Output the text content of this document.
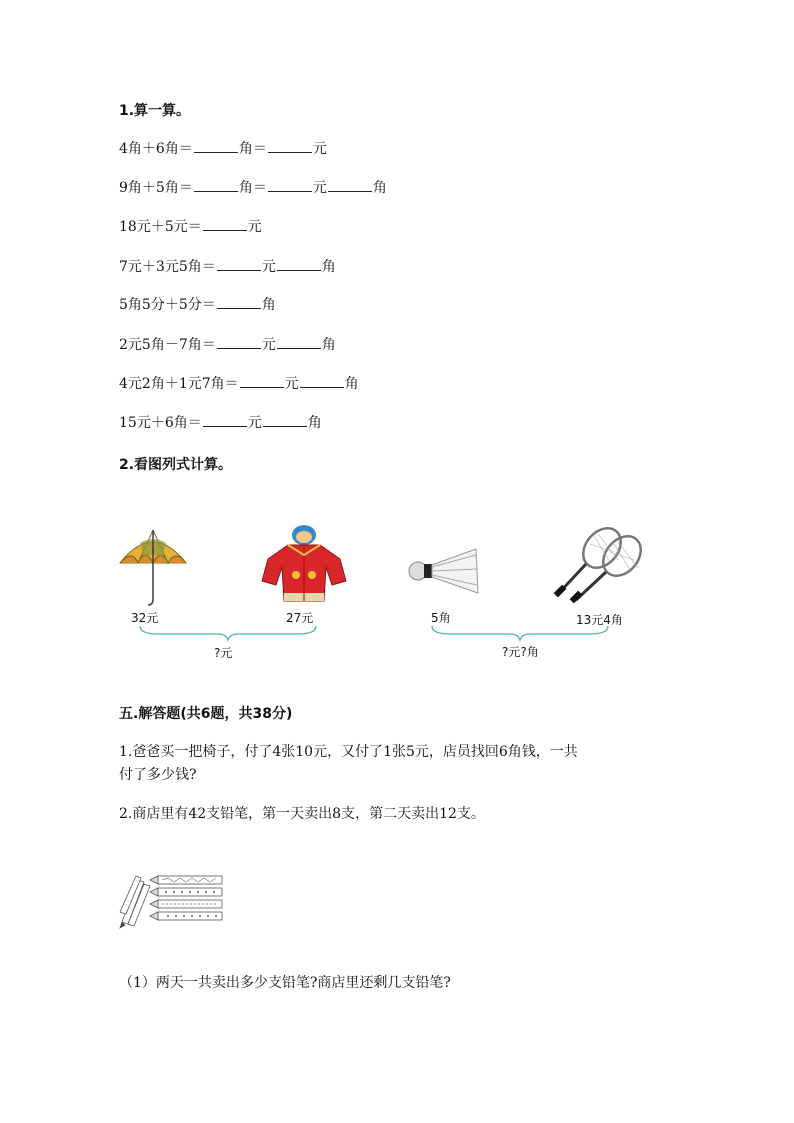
1.算一算。
4角＋6角＝	角＝	元
9角＋5角＝	角＝	元	角
18元＋5元＝	元
7元＋3元5角＝	元	角
5角5分＋5分＝	角
2元5角－7角＝	元	角
4元2角＋1元7角＝	元	角
15元＋6角＝	元	角
2.看图列式计算。
32元	27元	5角	13元4角
?元	?元?角
五.解答题(共6题，共38分)
1.爸爸买一把椅子，付了4张10元，又付了1张5元，店员找回6角钱，一共
付了多少钱?
2.商店里有42支铅笔，第一天卖出8支，第二天卖出12支。
（1）两天一共卖出多少支铅笔?商店里还剩几支铅笔?
